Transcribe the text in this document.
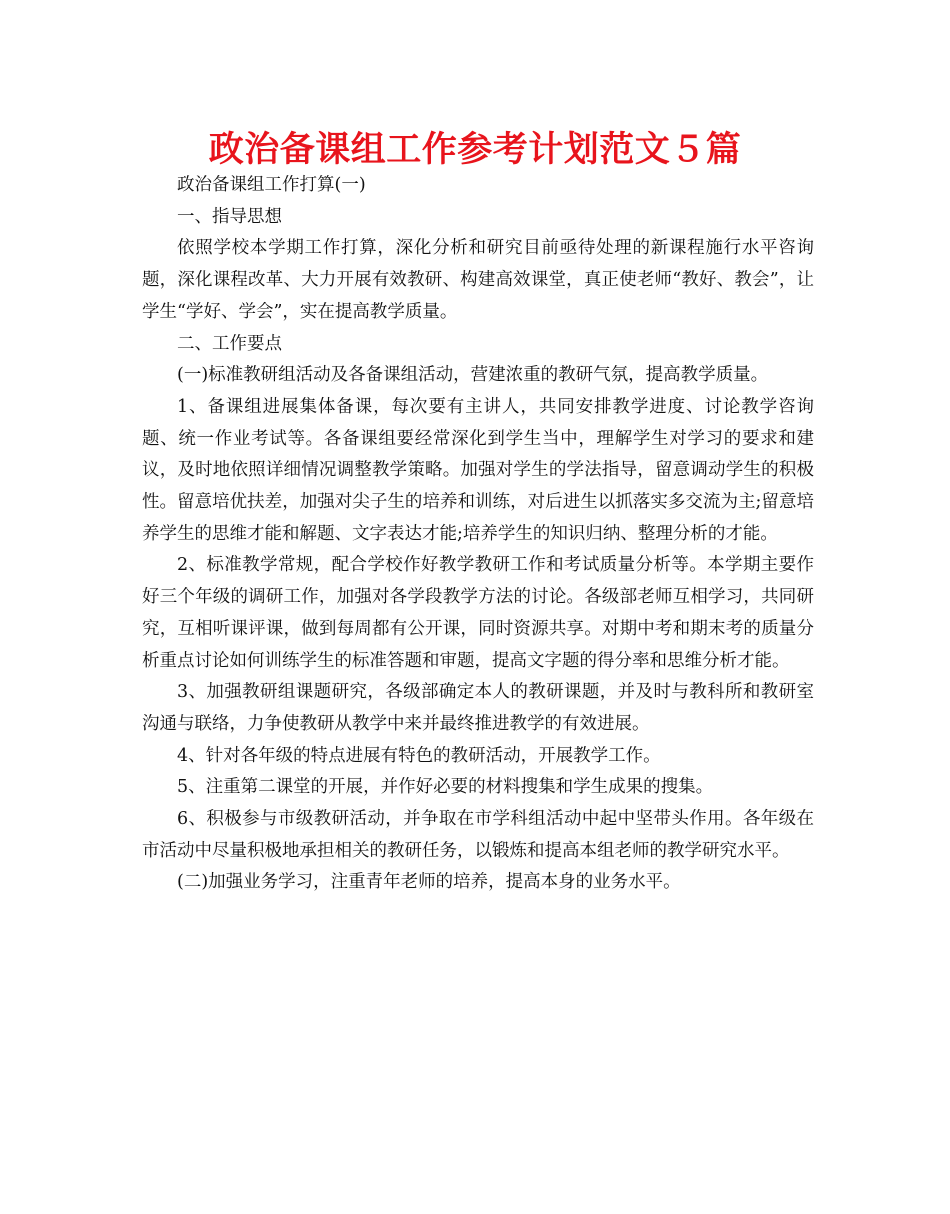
政治备课组工作参考计划范文５篇

政治备课组工作打算(一)

一、指导思想

依照学校本学期工作打算，深化分析和研究目前亟待处理的新课程施行水平咨询题，深化课程改革、大力开展有效教研、构建高效课堂，真正使老师“教好、教会”，让学生“学好、学会”，实在提高教学质量。

二、工作要点

(一)标准教研组活动及各备课组活动，营建浓重的教研气氛，提高教学质量。

1、备课组进展集体备课，每次要有主讲人，共同安排教学进度、讨论教学咨询题、统一作业考试等。各备课组要经常深化到学生当中，理解学生对学习的要求和建议，及时地依照详细情况调整教学策略。加强对学生的学法指导，留意调动学生的积极性。留意培优扶差，加强对尖子生的培养和训练，对后进生以抓落实多交流为主;留意培养学生的思维才能和解题、文字表达才能;培养学生的知识归纳、整理分析的才能。

2、标准教学常规，配合学校作好教学教研工作和考试质量分析等。本学期主要作好三个年级的调研工作，加强对各学段教学方法的讨论。各级部老师互相学习，共同研究，互相听课评课，做到每周都有公开课，同时资源共享。对期中考和期末考的质量分析重点讨论如何训练学生的标准答题和审题，提高文字题的得分率和思维分析才能。

3、加强教研组课题研究，各级部确定本人的教研课题，并及时与教科所和教研室沟通与联络，力争使教研从教学中来并最终推进教学的有效进展。

4、针对各年级的特点进展有特色的教研活动，开展教学工作。

5、注重第二课堂的开展，并作好必要的材料搜集和学生成果的搜集。

6、积极参与市级教研活动，并争取在市学科组活动中起中坚带头作用。各年级在市活动中尽量积极地承担相关的教研任务，以锻炼和提高本组老师的教学研究水平。

(二)加强业务学习，注重青年老师的培养，提高本身的业务水平。
